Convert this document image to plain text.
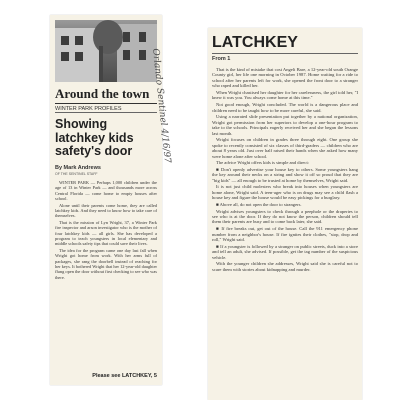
Around the town
WINTER PARK PROFILES
Showing latchkey kids safety's door
By Mark Andrews
OF THE SENTINEL STAFF

WINTER PARK — Perhaps 1,000 children under the age of 13 in Winter Park — and thousands more across Central Florida — come home to empty houses after school.

Alone until their parents come home, they are called latchkey kids. And they need to know how to take care of themselves.

That is the mission of Lyn Wright, 37, a Winter Park fire inspector and arson investigator who is the mother of four latchkey kids — all girls. She has developed a program to teach youngsters in local elementary and middle schools safety tips that could save their lives.

The idea for the program came one day last fall when Wright got home from work. With her arms full of packages, she rang the doorbell instead of reaching for her keys. It bothered Wright that her 12-year-old daughter flung open the door without first checking to see who was there.

Please see LATCHKEY, 5
Orlando Sentinel 4/16/97
LATCHKEY
From 1

That is the kind of mistake that cost Angeli Bare, a 12-year-old south Orange County girl, her life one morning in October 1987. Home waiting for a ride to school after her parents left for work, she opened the front door to a stranger who raped and killed her.

When Wright chastised her daughter for her carelessness, the girl told her, "I knew it was you. You always come home at this time."

Not good enough, Wright concluded. The world is a dangerous place and children need to be taught how to be more careful, she said.

Using a narrated slide presentation put together by a national organization, Wright got permission from her superiors to develop a one-hour program to take to the schools. Principals eagerly received her and she began the lessons last month.

Wright focuses on children in grades three through eight. One group she spoke to recently consisted of six classes of third-graders — children who are about 8 years old. Just over half raised their hands when she asked how many were home alone after school.

The advice Wright offers kids is simple and direct:

■ Don't openly advertise your house key to others. Some youngsters hang the key around their necks on a string and show it off so proud that they are "big kids" — all enough to be trusted at home by themselves, Wright said.

It is not just child molesters who break into houses when youngsters are home alone, Wright said. A teen-ager who is on drugs may see a child flash a house key and figure the house would be easy pickings for a burglary.

■ Above all, do not open the door to strangers.

Wright advises youngsters to check through a peephole or the draperies to see who is at the door. If they do not know the person, children should tell them their parents are busy and to come back later, she said.

■ If fire breaks out, get out of the house. Call the 911 emergency phone number from a neighbor's house. If fire ignites their clothes, "stop, drop and roll," Wright said.

■ If a youngster is followed by a stranger on public streets, duck into a store and tell an adult, she advised. If possible, get the tag number of the suspicious vehicle.

With the younger children she addresses, Wright said she is careful not to scare them with stories about kidnapping and murder.
